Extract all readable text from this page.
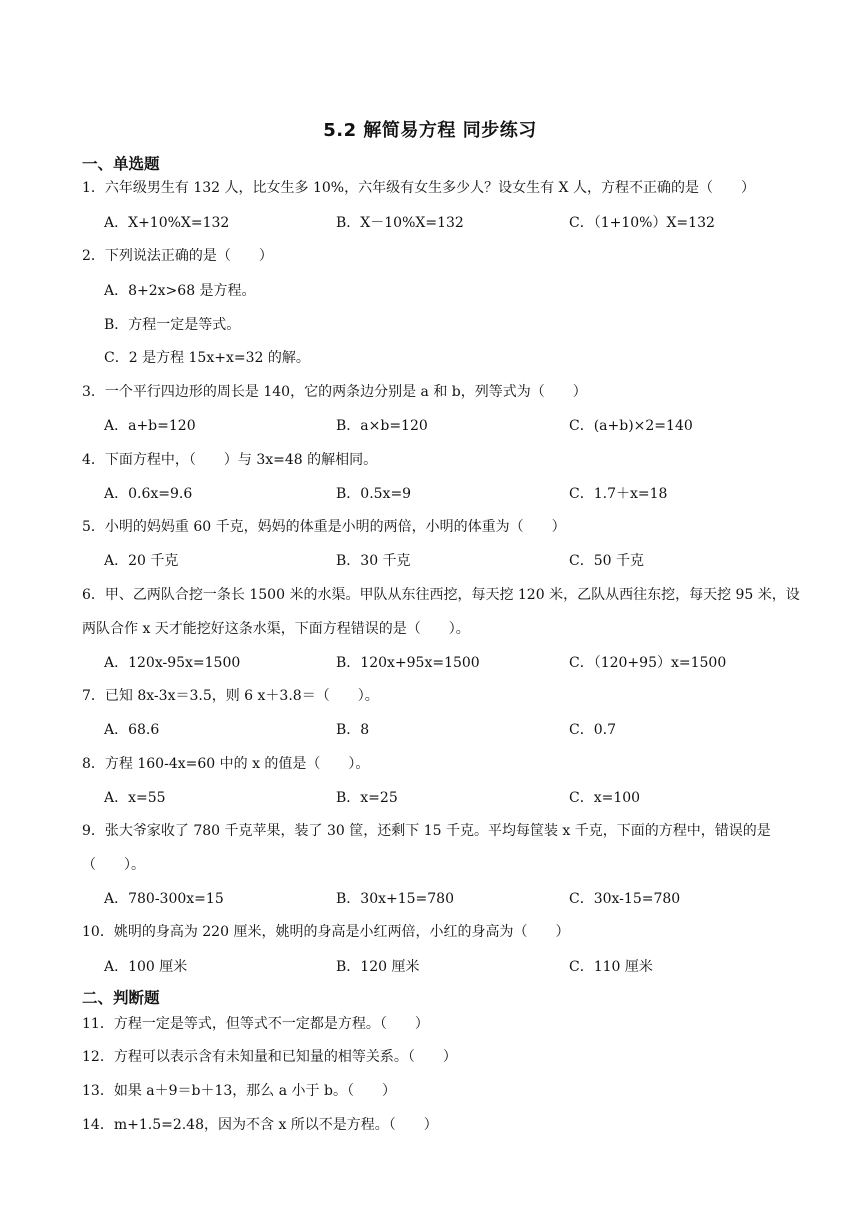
5.2 解简易方程 同步练习
一、单选题
1．六年级男生有 132 人，比女生多 10%，六年级有女生多少人？设女生有 X 人，方程不正确的是（　　）
A．X+10%X=132	B．X－10%X=132	C．（1+10%）X=132
2．下列说法正确的是（　　）
A．8+2x>68 是方程。
B．方程一定是等式。
C．2 是方程 15x+x=32 的解。
3．一个平行四边形的周长是 140，它的两条边分别是 a 和 b，列等式为（　　）
A．a+b=120	B．a×b=120	C．(a+b)×2=140
4．下面方程中，（　　）与 3x=48 的解相同。
A．0.6x=9.6	B．0.5x=9	C．1.7＋x=18
5．小明的妈妈重 60 千克，妈妈的体重是小明的两倍，小明的体重为（　　）
A．20 千克	B．30 千克	C．50 千克
6．甲、乙两队合挖一条长 1500 米的水渠。甲队从东往西挖，每天挖 120 米，乙队从西往东挖，每天挖 95 米，设两队合作 x 天才能挖好这条水渠，下面方程错误的是（　　）。
A．120x-95x=1500	B．120x+95x=1500	C．（120+95）x=1500
7．已知 8x-3x＝3.5，则 6 x＋3.8＝（　　）。
A．68.6	B．8	C．0.7
8．方程 160-4x=60 中的 x 的值是（　　）。
A．x=55	B．x=25	C．x=100
9．张大爷家收了 780 千克苹果，装了 30 筐，还剩下 15 千克。平均每筐装 x 千克，下面的方程中，错误的是（　　）。
A．780-300x=15	B．30x+15=780	C．30x-15=780
10．姚明的身高为 220 厘米，姚明的身高是小红两倍，小红的身高为（　　）
A．100 厘米	B．120 厘米	C．110 厘米
二、判断题
11．方程一定是等式，但等式不一定都是方程。（　　）
12．方程可以表示含有未知量和已知量的相等关系。（　　）
13．如果 a＋9＝b＋13，那么 a 小于 b。（　　）
14．m+1.5=2.48，因为不含 x 所以不是方程。（　　）
